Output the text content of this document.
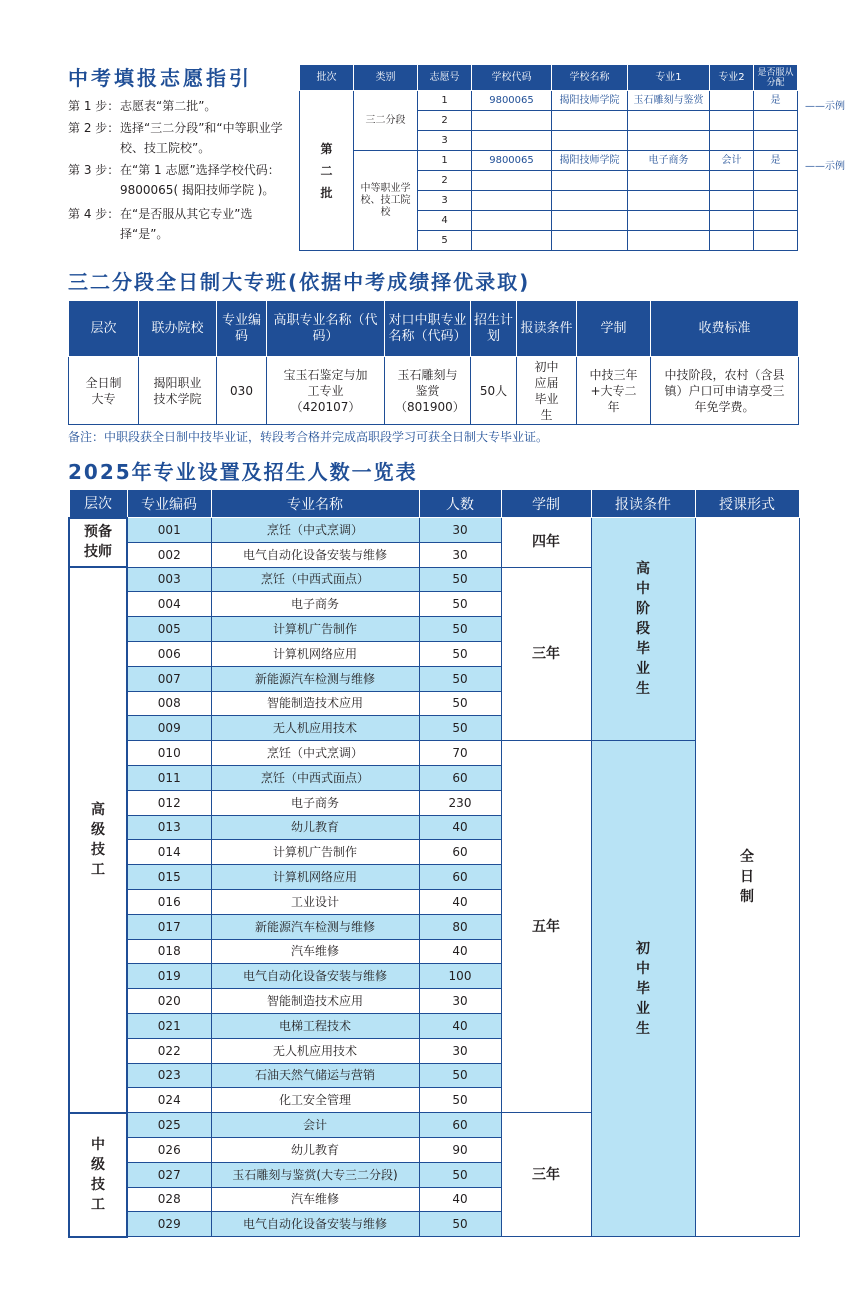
中考填报志愿指引
第 1 步： 志愿表“第二批”。
第 2 步： 选择“三二分段”和“中等职业学校、技工院校”。
第 3 步： 在“第 1 志愿”选择学校代码：9800065( 揭阳技师学院 )。
第 4 步： 在“是否服从其它专业”选择“是”。
批次	类别	志愿号	学校代码	学校名称	专业1	专业2	是否服从分配
第二批	三二分段	1	9800065	揭阳技师学院	玉石雕刻与鉴赏		是
		2					
		3					
	中等职业学校、技工院校	1	9800065	揭阳技师学院	电子商务	会计	是
		2					
		3					
		4					
		5					
——示例
——示例
三二分段全日制大专班(依据中考成绩择优录取)
层次	联办院校	专业编码	高职专业名称（代码）	对口中职专业名称（代码）	招生计划	报读条件	学制	收费标准
全日制大专	揭阳职业技术学院	030	宝玉石鉴定与加工专业（420107）	玉石雕刻与鉴赏（801900）	50人	初中应届毕业生	中技三年+大专二年	中技阶段，农村（含县镇）户口可申请享受三年免学费。
备注：中职段获全日制中技毕业证，转段考合格并完成高职段学习可获全日制大专毕业证。
2025年专业设置及招生人数一览表
层次	专业编码	专业名称	人数	学制	报读条件	授课形式
预备技师	001	烹饪（中式烹调）	30	四年	高中阶段毕业生	全日制
	002	电气自动化设备安装与维修	30			
高级技工	003	烹饪（中西式面点）	50	三年		
	004	电子商务	50			
	005	计算机广告制作	50			
	006	计算机网络应用	50			
	007	新能源汽车检测与维修	50			
	008	智能制造技术应用	50			
	009	无人机应用技术	50			
	010	烹饪（中式烹调）	70	五年	初中毕业生	
	011	烹饪（中西式面点）	60			
	012	电子商务	230			
	013	幼儿教育	40			
	014	计算机广告制作	60			
	015	计算机网络应用	60			
	016	工业设计	40			
	017	新能源汽车检测与维修	80			
	018	汽车维修	40			
	019	电气自动化设备安装与维修	100			
	020	智能制造技术应用	30			
	021	电梯工程技术	40			
	022	无人机应用技术	30			
	023	石油天然气储运与营销	50			
	024	化工安全管理	50			
中级技工	025	会计	60	三年		
	026	幼儿教育	90			
	027	玉石雕刻与鉴赏(大专三二分段)	50			
	028	汽车维修	40			
	029	电气自动化设备安装与维修	50			
